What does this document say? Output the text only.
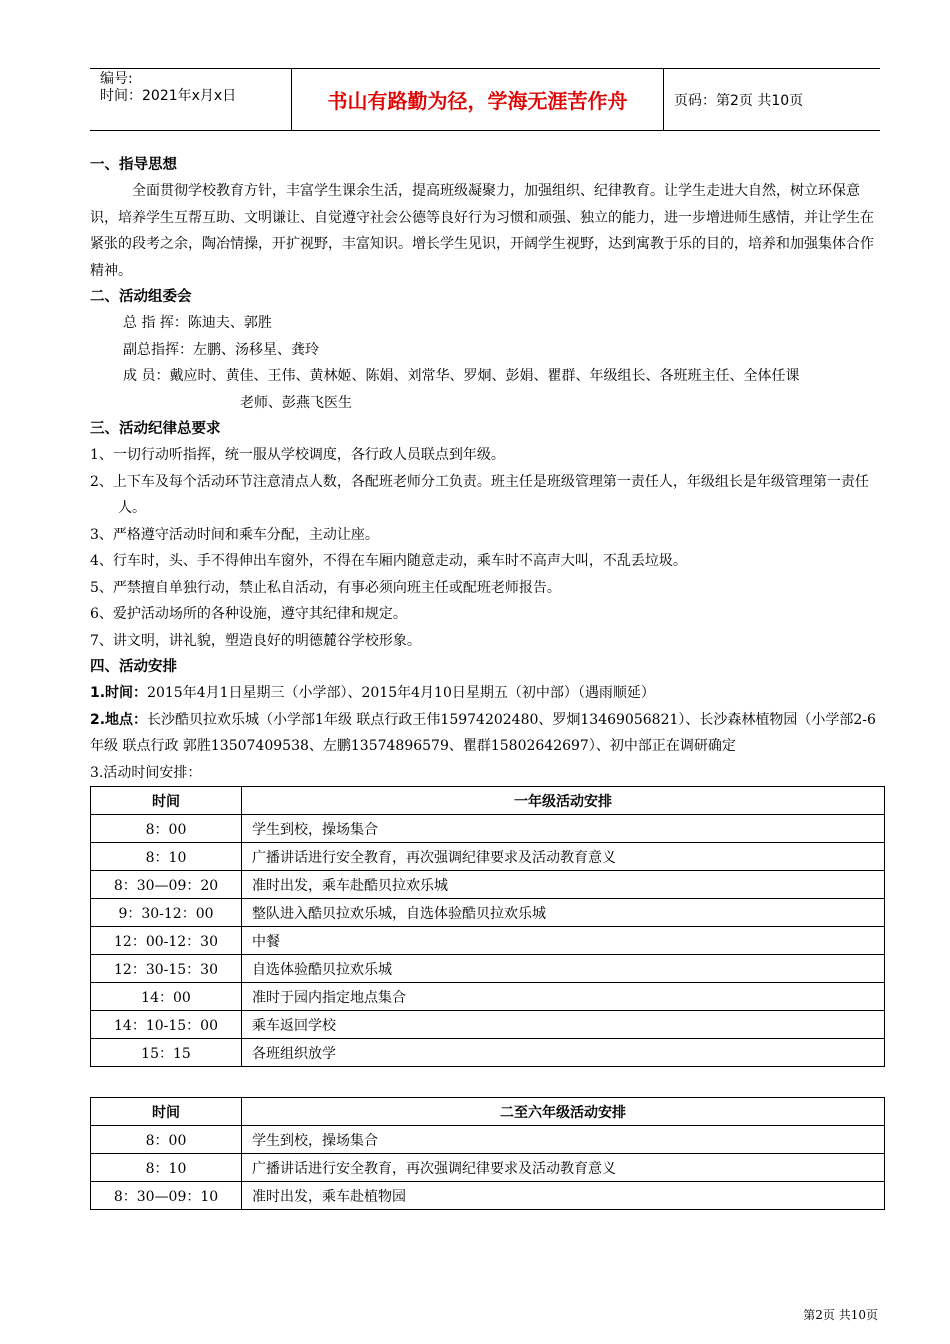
编号:
时间：2021年x月x日	书山有路勤为径，学海无涯苦作舟	页码：第2页 共10页
一、指导思想
全面贯彻学校教育方针，丰富学生课余生活，提高班级凝聚力，加强组织、纪律教育。让学生走进大自然，树立环保意识，培养学生互帮互助、文明谦让、自觉遵守社会公德等良好行为习惯和顽强、独立的能力，进一步增进师生感情，并让学生在紧张的段考之余，陶冶情操，开扩视野，丰富知识。增长学生见识，开阔学生视野，达到寓教于乐的目的，培养和加强集体合作精神。
二、活动组委会
总 指 挥：陈迪夫、郭胜
副总指挥：左鹏、汤移星、龚玲
成 员：戴应时、黄佳、王伟、黄林姬、陈娟、刘常华、罗炯、彭娟、瞿群、年级组长、各班班主任、全体任课
老师、彭燕飞医生
三、活动纪律总要求
1、一切行动听指挥，统一服从学校调度，各行政人员联点到年级。
2、上下车及每个活动环节注意清点人数，各配班老师分工负责。班主任是班级管理第一责任人，年级组长是年级管理第一责任人。
3、严格遵守活动时间和乘车分配，主动让座。
4、行车时，头、手不得伸出车窗外，不得在车厢内随意走动，乘车时不高声大叫，不乱丢垃圾。
5、严禁擅自单独行动，禁止私自活动，有事必须向班主任或配班老师报告。
6、爱护活动场所的各种设施，遵守其纪律和规定。
7、讲文明，讲礼貌，塑造良好的明德麓谷学校形象。
四、活动安排
1.时间：2015年4月1日星期三（小学部）、2015年4月10日星期五（初中部）（遇雨顺延）
2.地点：长沙酷贝拉欢乐城（小学部1年级 联点行政王伟15974202480、罗炯13469056821）、长沙森林植物园（小学部2-6年级 联点行政 郭胜13507409538、左鹏13574896579、瞿群15802642697）、初中部正在调研确定
3.活动时间安排：
时间	一年级活动安排
8：00	学生到校，操场集合
8：10	广播讲话进行安全教育，再次强调纪律要求及活动教育意义
8：30—09：20	准时出发，乘车赴酷贝拉欢乐城
9：30-12：00	整队进入酷贝拉欢乐城，自选体验酷贝拉欢乐城
12：00-12：30	中餐
12：30-15：30	自选体验酷贝拉欢乐城
14：00	准时于园内指定地点集合
14：10-15：00	乘车返回学校
15：15	各班组织放学
时间	二至六年级活动安排
8：00	学生到校，操场集合
8：10	广播讲话进行安全教育，再次强调纪律要求及活动教育意义
8：30—09：10	准时出发，乘车赴植物园
第2页 共10页
